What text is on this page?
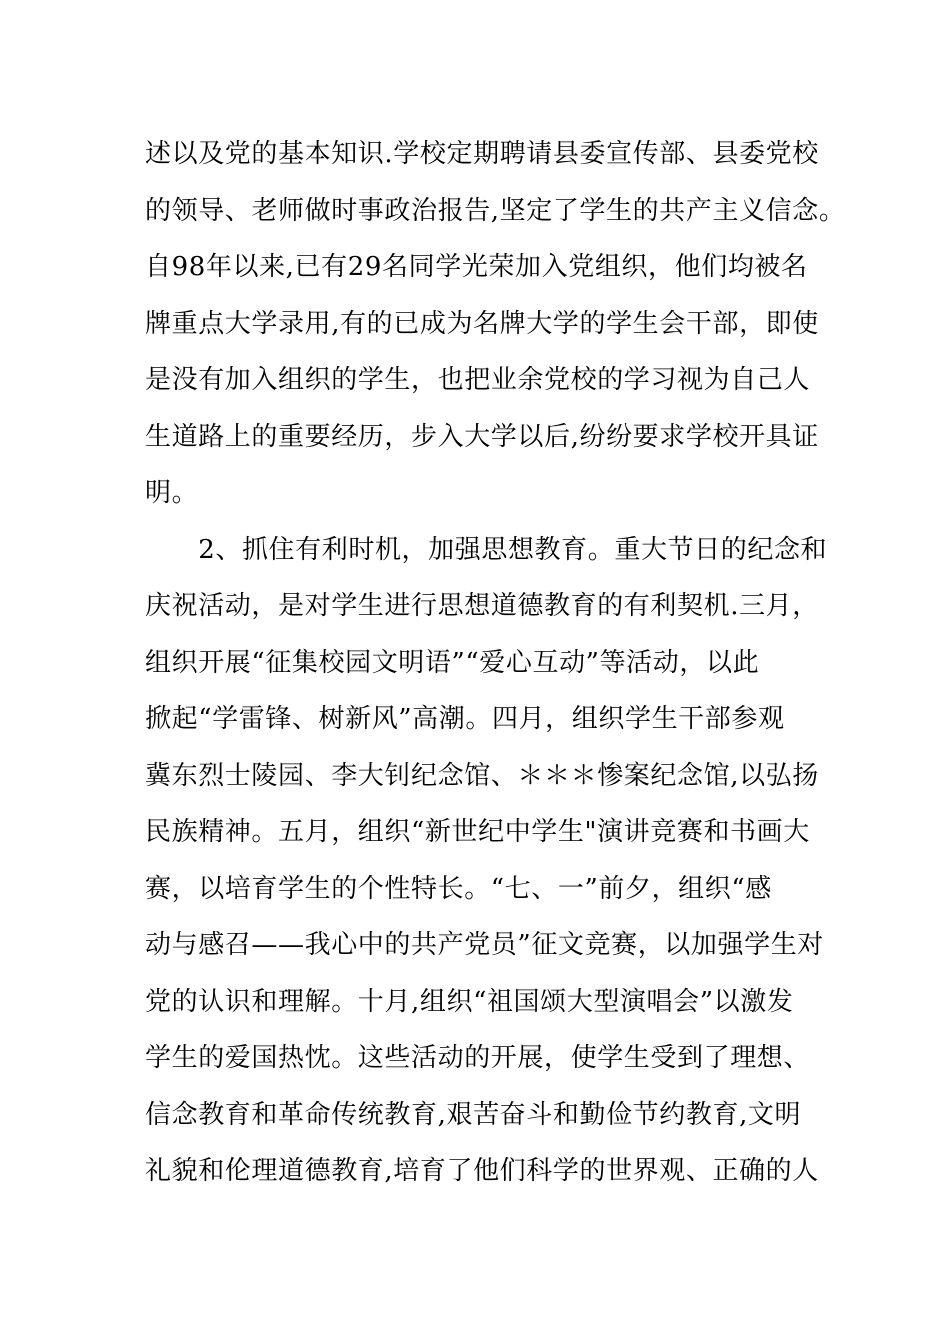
述以及党的基本知识.学校定期聘请县委宣传部、县委党校
的领导、老师做时事政治报告,坚定了学生的共产主义信念。
自98年以来,已有29名同学光荣加入党组织，他们均被名
牌重点大学录用,有的已成为名牌大学的学生会干部，即使
是没有加入组织的学生，也把业余党校的学习视为自己人
生道路上的重要经历，步入大学以后,纷纷要求学校开具证
明。
　　2、抓住有利时机，加强思想教育。重大节日的纪念和
庆祝活动，是对学生进行思想道德教育的有利契机.三月，
组织开展“征集校园文明语”“爱心互动”等活动，以此
掀起“学雷锋、树新风”高潮。四月，组织学生干部参观
冀东烈士陵园、李大钊纪念馆、＊＊＊惨案纪念馆,以弘扬
民族精神。五月，组织“新世纪中学生"演讲竞赛和书画大
赛，以培育学生的个性特长。“七、一”前夕，组织“感
动与感召——我心中的共产党员”征文竞赛，以加强学生对
党的认识和理解。十月,组织“祖国颂大型演唱会”以激发
学生的爱国热忱。这些活动的开展，使学生受到了理想、
信念教育和革命传统教育,艰苦奋斗和勤俭节约教育,文明
礼貌和伦理道德教育,培育了他们科学的世界观、正确的人
